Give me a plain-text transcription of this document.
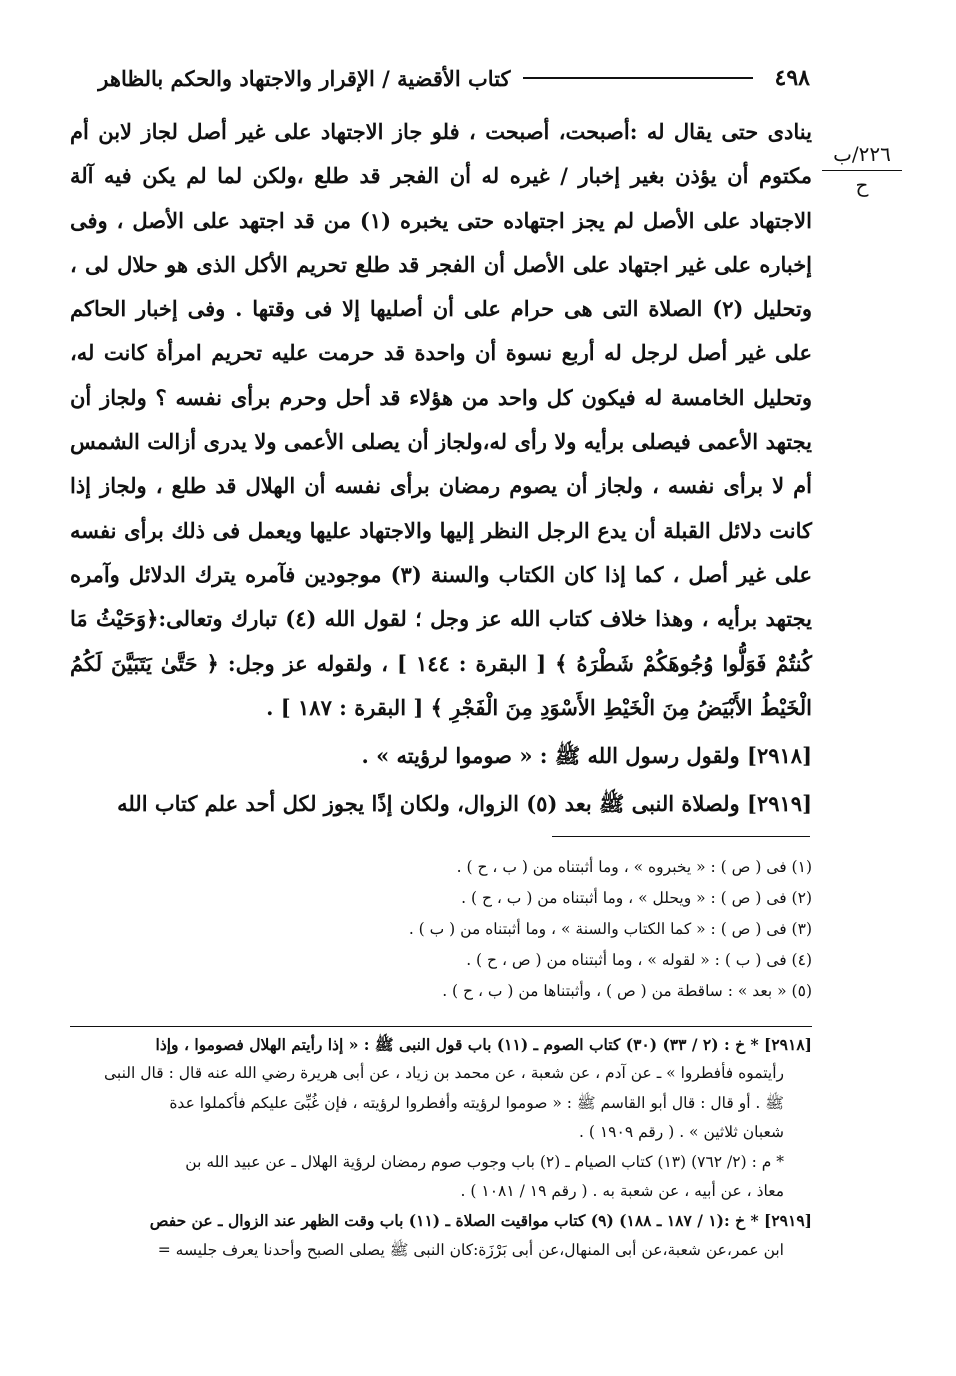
٤٩٨
كتاب الأقضية / الإقرار والاجتهاد والحكم بالظاهر
٢٢٦/ب
ح

ينادى حتى يقال له :أصبحت، أصبحت ، فلو جاز الاجتهاد على غير أصل لجاز لابن أم مكتوم أن يؤذن بغير إخبار / غيره له أن الفجر قد طلع ،ولكن لما لم يكن فيه آلة الاجتهاد على الأصل لم يجز اجتهاده حتى يخبره (١) من قد اجتهد على الأصل ، وفى إخباره على غير اجتهاد على الأصل أن الفجر قد طلع تحريم الأكل الذى هو حلال لى ، وتحليل (٢) الصلاة التى هى حرام على أن أصليها إلا فى وقتها . وفى إخبار الحاكم على غير أصل لرجل له أربع نسوة أن واحدة قد حرمت عليه تحريم امرأة كانت له، وتحليل الخامسة له فيكون كل واحد من هؤلاء قد أحل وحرم برأى نفسه ؟ ولجاز أن يجتهد الأعمى فيصلى برأيه ولا رأى له،ولجاز أن يصلى الأعمى ولا يدرى أزالت الشمس أم لا برأى نفسه ، ولجاز أن يصوم رمضان برأى نفسه أن الهلال قد طلع ، ولجاز إذا كانت دلائل القبلة أن يدع الرجل النظر إليها والاجتهاد عليها ويعمل فى ذلك برأى نفسه على غير أصل ، كما إذا كان الكتاب والسنة (٣) موجودين فآمره يترك الدلائل وآمره يجتهد برأيه ، وهذا خلاف كتاب الله عز وجل ؛ لقول الله (٤) تبارك وتعالى:﴿وَحَيْثُ مَا كُنتُمْ فَوَلُّوا وُجُوهَكُمْ شَطْرَهُ ﴾ [ البقرة : ١٤٤ ] ، ولقوله عز وجل: ﴿ حَتَّىٰ يَتَبَيَّنَ لَكُمُ الْخَيْطُ الأَبْيَضُ مِنَ الْخَيْطِ الأَسْوَدِ مِنَ الْفَجْرِ ﴾ [ البقرة : ١٨٧ ] .

[٢٩١٨] ولقول رسول الله ﷺ : « صوموا لرؤيته » .

[٢٩١٩] ولصلاة النبى ﷺ بعد (٥) الزوال، ولكان إذًا يجوز لكل أحد علم كتاب الله

(١) فى ( ص ) : « يخبروه » ، وما أثبتناه من ( ب ، ح ) .
(٢) فى ( ص ) : « ويحلل » ، وما أثبتناه من ( ب ، ح ) .
(٣) فى ( ص ) : « كما الكتاب والسنة » ، وما أثبتناه من ( ب ) .
(٤) فى ( ب ) : « لقوله » ، وما أثبتناه من ( ص ، ح ) .
(٥) « بعد » : ساقطة من ( ص ) ، وأثبتناها من ( ب ، ح ) .
[٢٩١٨] * خ : (٢ / ٣٣) (٣٠) كتاب الصوم ـ (١١) باب قول النبى ﷺ : « إذا رأيتم الهلال فصوموا ، وإذا
رأيتموه فأفطروا » ـ عن آدم ، عن شعبة ، عن محمد بن زياد ، عن أبى هريرة رضي الله عنه قال : قال النبى
ﷺ . أو قال : قال أبو القاسم ﷺ : « صوموا لرؤيته وأفطروا لرؤيته ، فإن غُبِّىَ عليكم فأكملوا عدة
شعبان ثلاثين » . ( رقم ١٩٠٩ ) .
* م : (٢/ ٧٦٢) (١٣) كتاب الصيام ـ (٢) باب وجوب صوم رمضان لرؤية الهلال ـ عن عبيد الله بن
معاذ ، عن أبيه ، عن شعبة به . ( رقم ١٩ / ١٠٨١ ) .
[٢٩١٩] * خ :(١ / ١٨٧ ـ ١٨٨) (٩) كتاب مواقيت الصلاة ـ (١١) باب وقت الظهر عند الزوال ـ عن حفص
ابن عمر،عن شعبة،عن أبى المنهال،عن أبى بَرْزَة:كان النبى ﷺ يصلى الصبح وأحدنا يعرف جليسه =
